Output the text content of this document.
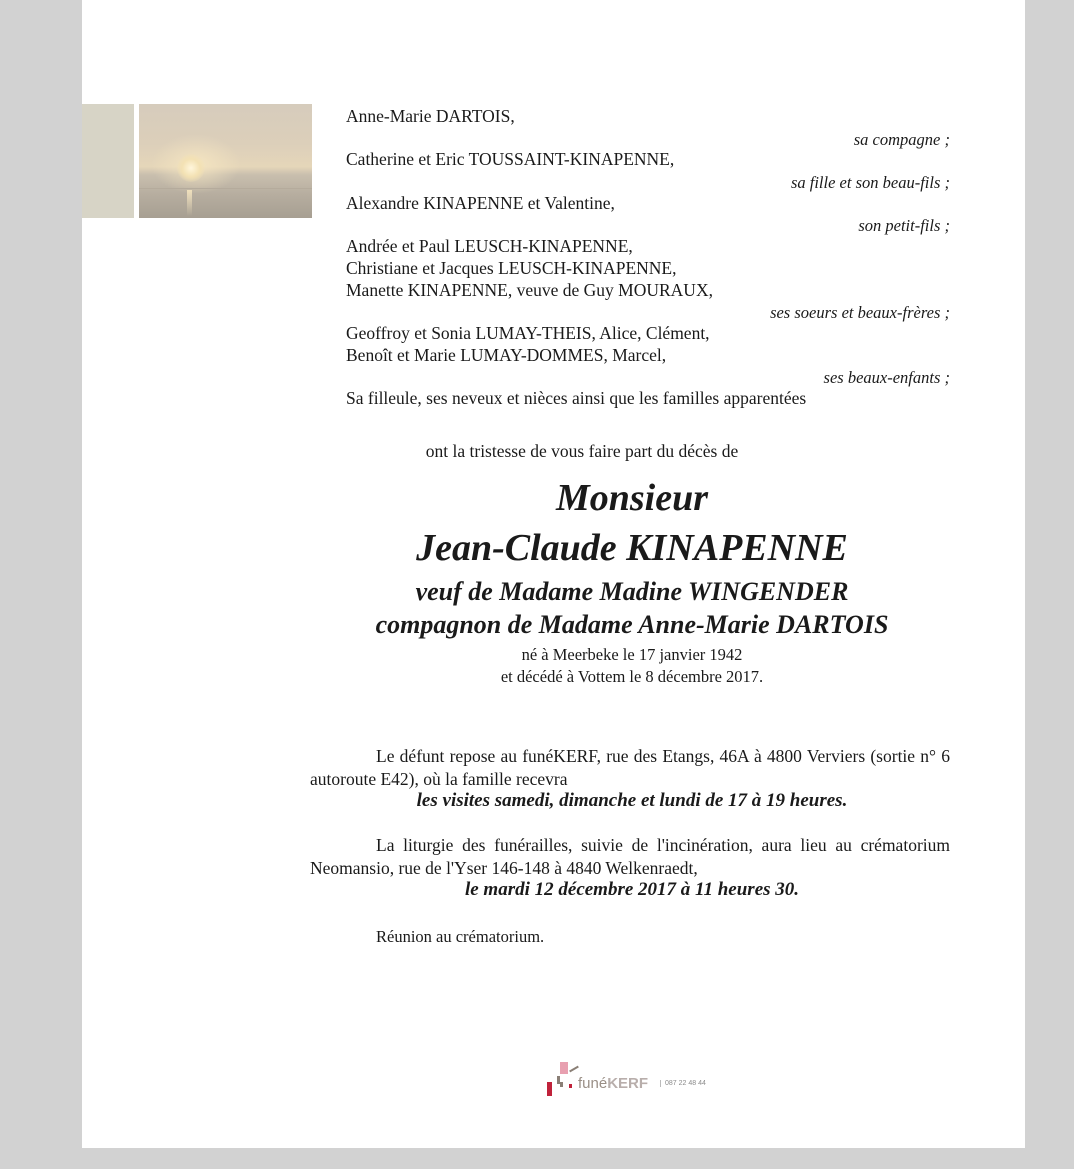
Anne-Marie DARTOIS,
sa compagne ;
Catherine et Eric TOUSSAINT-KINAPENNE,
sa fille et son beau-fils ;
Alexandre KINAPENNE et Valentine,
son petit-fils ;
Andrée et Paul LEUSCH-KINAPENNE,
Christiane et Jacques LEUSCH-KINAPENNE,
Manette KINAPENNE, veuve de Guy MOURAUX,
ses soeurs et beaux-frères ;
Geoffroy et Sonia LUMAY-THEIS, Alice, Clément,
Benoît et Marie LUMAY-DOMMES, Marcel,
ses beaux-enfants ;
Sa filleule, ses neveux et nièces ainsi que les familles apparentées
ont la tristesse de vous faire part du décès de
Monsieur
Jean-Claude KINAPENNE
veuf de Madame Madine WINGENDER
compagnon de Madame Anne-Marie DARTOIS
né à Meerbeke le 17 janvier 1942
et décédé à Vottem le 8 décembre 2017.
Le défunt repose au funéKERF, rue des Etangs, 46A à 4800 Verviers (sortie n° 6 autoroute E42), où la famille recevra
les visites samedi, dimanche et lundi de 17 à 19 heures.
La liturgie des funérailles, suivie de l'incinération, aura lieu au crématorium Neomansio, rue de l'Yser 146-148 à 4840 Welkenraedt,
le mardi 12 décembre 2017 à 11 heures 30.
Réunion au crématorium.
funéKERF	087 22 48 44
